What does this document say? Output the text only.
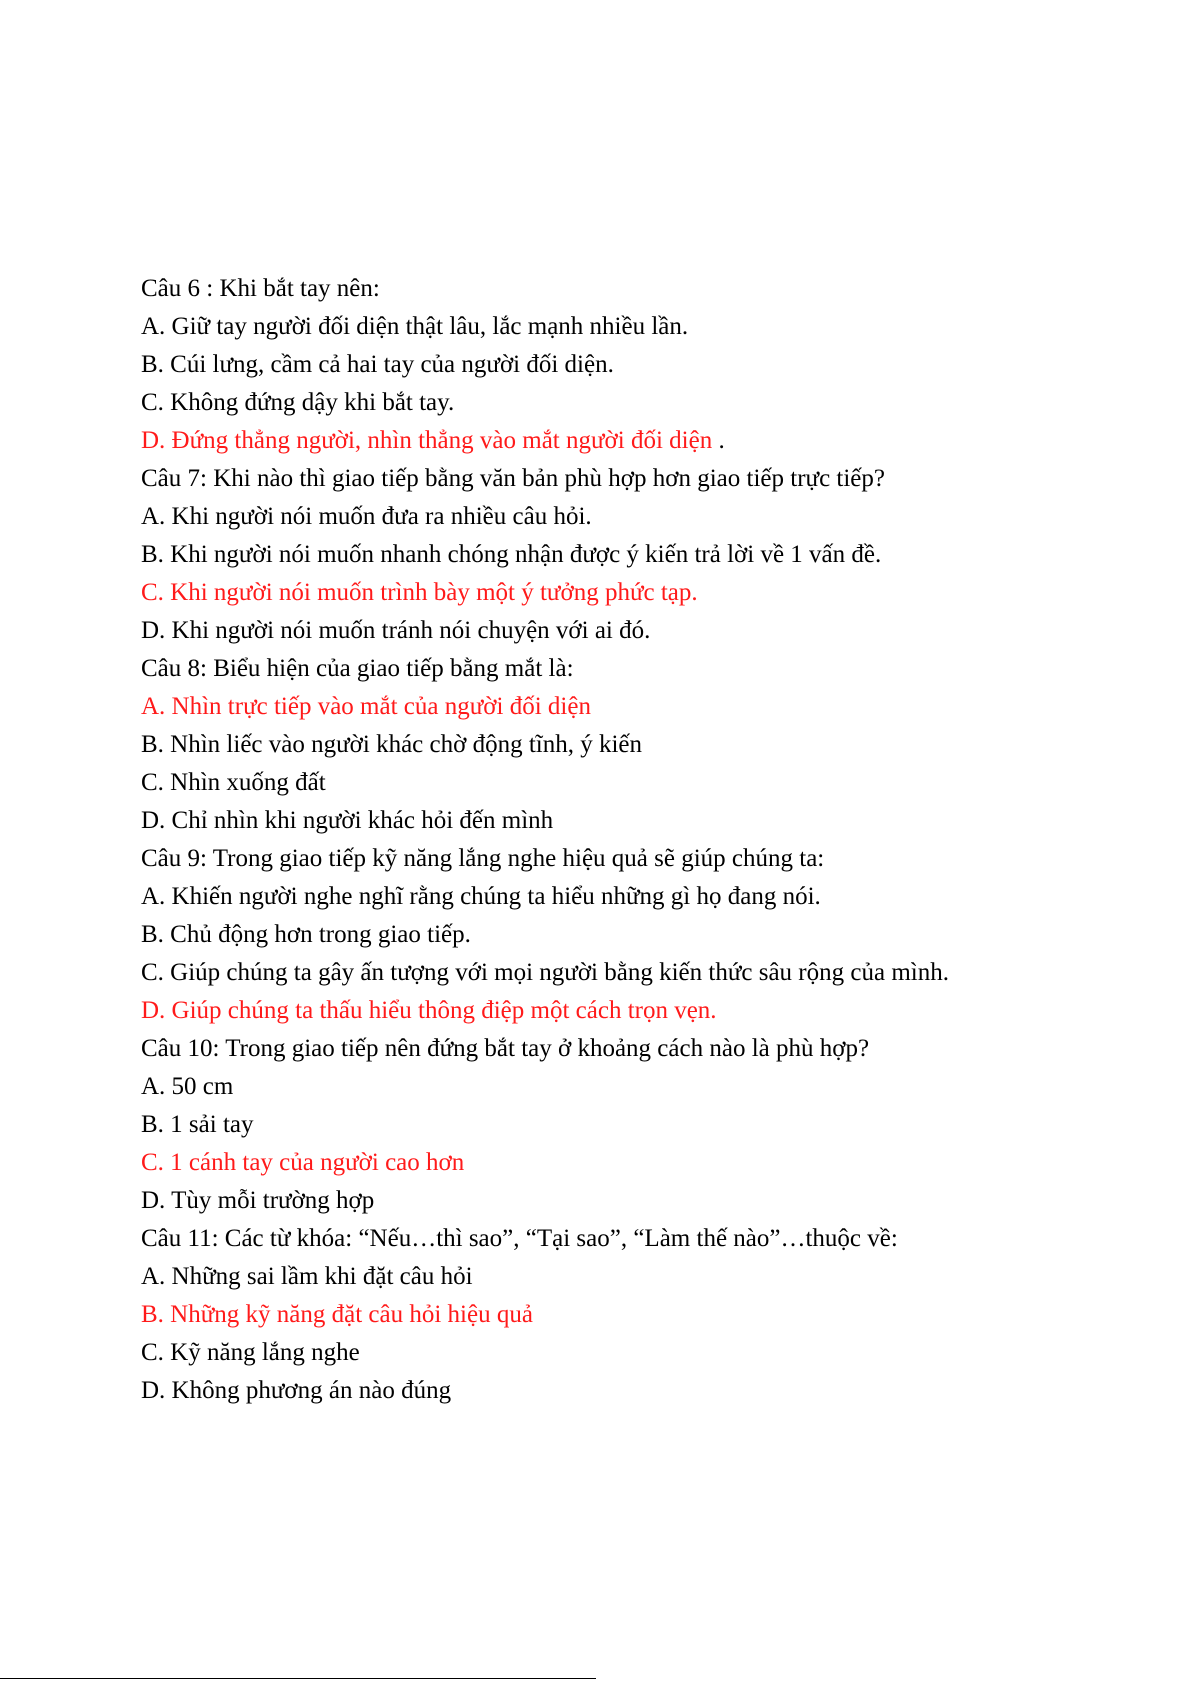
Câu 6 : Khi bắt tay nên:
A. Giữ tay người đối diện thật lâu, lắc mạnh nhiều lần.
B. Cúi lưng, cầm cả hai tay của người đối diện.
C. Không đứng dậy khi bắt tay.
D. Đứng thẳng người, nhìn thẳng vào mắt người đối diện .
Câu 7: Khi nào thì giao tiếp bằng văn bản phù hợp hơn giao tiếp trực tiếp?
A. Khi người nói muốn đưa ra nhiều câu hỏi.
B. Khi người nói muốn nhanh chóng nhận được ý kiến trả lời về 1 vấn đề.
C. Khi người nói muốn trình bày một ý tưởng phức tạp.
D. Khi người nói muốn tránh nói chuyện với ai đó.
Câu 8: Biểu hiện của giao tiếp bằng mắt là:
A. Nhìn trực tiếp vào mắt của người đối diện
B. Nhìn liếc vào người khác chờ động tĩnh, ý kiến
C. Nhìn xuống đất
D. Chỉ nhìn khi người khác hỏi đến mình
Câu 9: Trong giao tiếp kỹ năng lắng nghe hiệu quả sẽ giúp chúng ta:
A. Khiến người nghe nghĩ rằng chúng ta hiểu những gì họ đang nói.
B. Chủ động hơn trong giao tiếp.
C. Giúp chúng ta gây ấn tượng với mọi người bằng kiến thức sâu rộng của mình.
D. Giúp chúng ta thấu hiểu thông điệp một cách trọn vẹn.
Câu 10: Trong giao tiếp nên đứng bắt tay ở khoảng cách nào là phù hợp?
A. 50 cm
B. 1 sải tay
C. 1 cánh tay của người cao hơn
D. Tùy mỗi trường hợp
Câu 11: Các từ khóa: “Nếu…thì sao”, “Tại sao”, “Làm thế nào”…thuộc về:
A. Những sai lầm khi đặt câu hỏi
B. Những kỹ năng đặt câu hỏi hiệu quả
C. Kỹ năng lắng nghe
D. Không phương án nào đúng
